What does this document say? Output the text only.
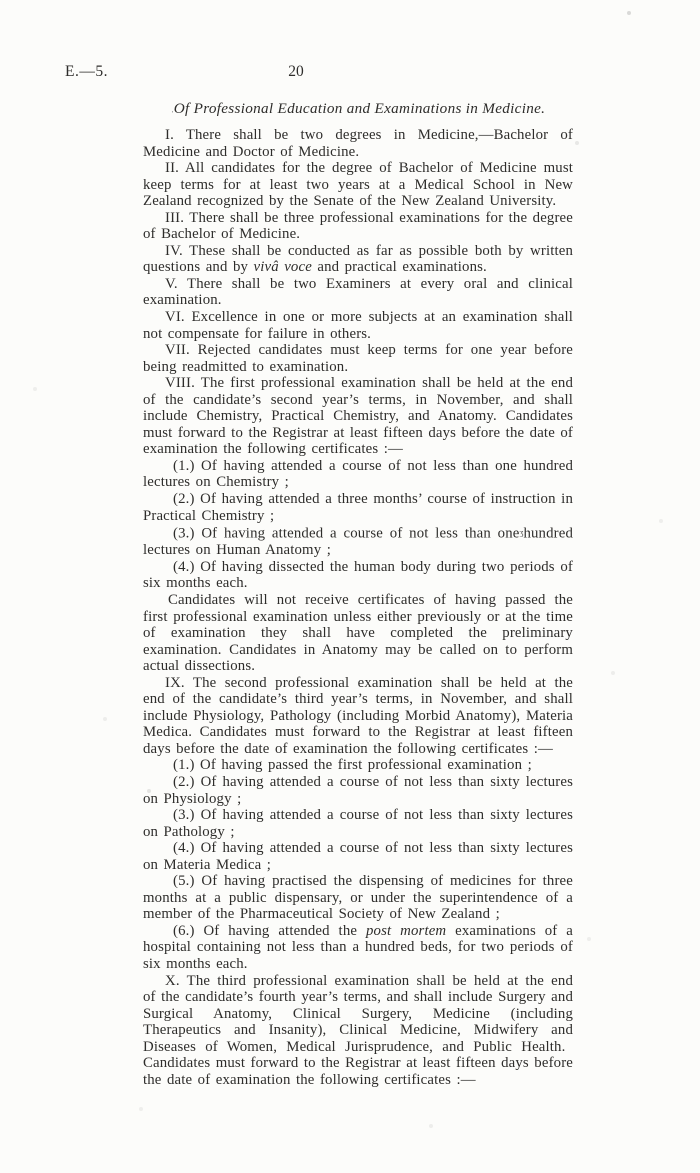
E.—5.	20
ˌOf Professional Education and Examinations in Medicine.

I. There shall be two degrees in Medicine,—Bachelor of Medicine and Doctor of Medicine.

II. All candidates for the degree of Bachelor of Medicine must keep terms for at least two years at a Medical School in New Zealand recognized by the Senate of the New Zealand University.

III. There shall be three professional examinations for the degree of Bachelor of Medicine.

IV. These shall be conducted as far as possible both by written questions and by vivâ voce and practical examinations.

V. There shall be two Examiners at every oral and clinical examination.

VI. Excellence in one or more subjects at an examination shall not compensate for failure in others.

VII. Rejected candidates must keep terms for one year before being readmitted to examination.

VIII. The first professional examination shall be held at the end of the candidate’s second year’s terms, in November, and shall include Chemistry, Practical Chemistry, and Anatomy. Candidates must forward to the Registrar at least fifteen days before the date of examination the following certificates :—

(1.) Of having attended a course of not less than one hundred lectures on Chemistry ;

(2.) Of having attended a three months’ course of instruction in Practical Chemistry ;

(3.) Of having attended a course of not less than oneʒhundred lectures on Human Anatomy ;

(4.) Of having dissected the human body during two periods of six months each.

Candidates will not receive certificates of having passed the first professional examination unless either previously or at the time of examination they shall have completed the preliminary examination. Candidates in Anatomy may be called on to perform actual dissections.

IX. The second professional examination shall be held at the end of the candidate’s third year’s terms, in November, and shall include Physiology, Pathology (including Morbid Anatomy), Materia Medica. Candidates must forward to the Registrar at least fifteen days before the date of examination the following certificates :—

(1.) Of having passed the first professional examination ;

(2.) Of having attended a course of not less than sixty lectures on Physiology ;

(3.) Of having attended a course of not less than sixty lectures on Pathology ;

(4.) Of having attended a course of not less than sixty lectures on Materia Medica ;

(5.) Of having practised the dispensing of medicines for three months at a public dispensary, or under the superintendence of a member of the Pharmaceutical Society of New Zealand ;

(6.) Of having attended the post mortem examinations of a hospital containing not less than a hundred beds, for two periods of six months each.

X. The third professional examination shall be held at the end of the candidate’s fourth year’s terms, and shall include Surgery and Surgical Anatomy, Clinical Surgery, Medicine (including Therapeutics and Insanity), Clinical Medicine, Midwifery and Diseases of Women, Medical Jurisprudence, and Public Health. Candidates must forward to the Registrar at least fifteen days before the date of examination the following certificates :—
